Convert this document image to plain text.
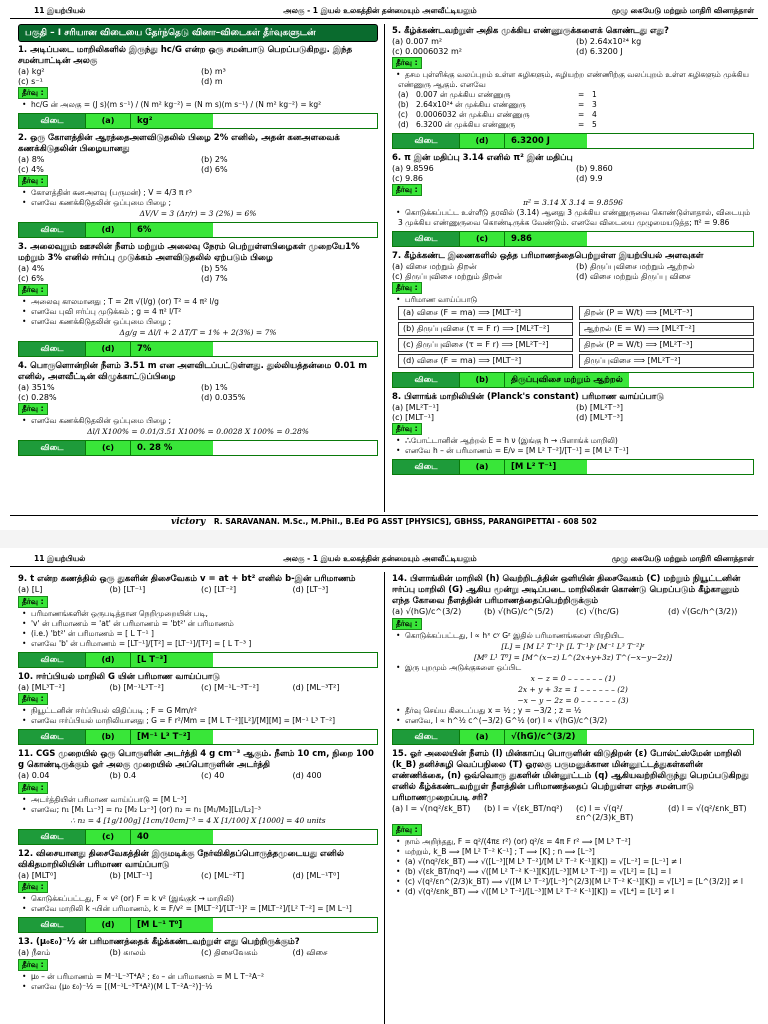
11 இயற்பியல்	அலகு - 1 இயல் உலகத்தின் தன்மையும் அளவீட்டியலும்	முழு கையேடு மற்றும் மாதிரி வினாத்தாள்
பகுதி – I சரியான விடையை தேர்ந்தெடு வினா–விடைகள் தீர்வுகளுடன்
1. அடிப்படை மாறிலிகளில் இருந்து hc/G என்ற ஒரு சமன்பாடு பெறப்படுகிறது. இந்த சமன்பாட்டின் அலகு
(a) kg²	(b) m³
(c) s⁻¹	(d) m
தீர்வு :
• hc/G ன் அலகு = (J s)(m s⁻¹) / (N m² kg⁻²) = (N m s)(m s⁻¹) / (N m² kg⁻²) = kg²
விடை	(a)	kg²
2. ஒரு கோளத்தின் ஆரத்தைஅளவிடுதலில் பிழை 2% எனில், அதன் கனஅளவைக் கணக்கிடுதலின் பிழையானது
(a) 8%	(b) 2%
(c) 4%	(d) 6%
தீர்வு :
• கோளத்தின் கனஅளவு (பருமன்) ; V = 4/3 π r³
• எனவே கணக்கிடுதலின் ஒப்புமை பிழை ;
ΔV/V = 3 (Δr/r) = 3 (2%) = 6%
விடை	(d)	6%
3. அலைவுறும் ஊசலின் நீளம் மற்றும் அலைவு நேரம் பெற்றுள்ளபிழைகள் முறையே1% மற்றும் 3% எனில் ஈர்ப்பு முடுக்கம் அளவிடுதலில் ஏற்படும் பிழை
(a) 4%	(b) 5%
(c) 6%	(d) 7%
தீர்வு :
• அலைவு காலமானது ; T = 2π √(l/g) (or) T² = 4 π² l/g
• எனவே புவி ஈர்ப்பு முடுக்கம் ; g = 4 π² l/T²
• எனவே கணக்கிடுதலின் ஒப்புமை பிழை ;
Δg/g = Δl/l + 2 ΔT/T = 1% + 2(3%) = 7%
விடை	(d)	7%
4. பொருளொன்றின் நீளம் 3.51 m என அளவிடப்பட்டுள்ளது. துல்லியத்தன்மை 0.01 m எனில், அளவீட்டின் விழுக்காட்டுப்பிழை
(a) 351%	(b) 1%
(c) 0.28%	(d) 0.035%
தீர்வு :
• எனவே கணக்கிடுதலின் ஒப்புமை பிழை ;
Δl/l X100% = 0.01/3.51 X100% = 0.0028 X 100% = 0.28%
விடை	(c)	0. 28 %
5. கீழ்க்கண்டவற்றுள் அதிக முக்கிய எண்ணுருக்களைக் கொண்டது எது?
(a) 0.007 m²	(b) 2.64x10²⁴ kg
(c) 0.0006032 m²	(d) 6.3200 J
தீர்வு :
• தசம புள்ளிக்கு வலப்புறம் உள்ள சுழிகளும், சுழியற்ற எண்ணிற்கு வலப்புறம் உள்ள சுழிகளும் முக்கிய எண்ணுரு ஆகும். எனவே
(a)	0.007 ன் முக்கிய எண்ணுரு	=	1
(b) 2.64x10²⁴ ன் முக்கிய எண்ணுரு	=	3
(c)	0.0006032 ன் முக்கிய எண்ணுரு	=	4
(d) 6.3200 ன் முக்கிய எண்ணுரு	=	5
விடை	(d)	6.3200 J
6. π இன் மதிப்பு 3.14 எனில் π² இன் மதிப்பு
(a) 9.8596	(b) 9.860
(c) 9.86	(d) 9.9
தீர்வு :
π² = 3.14 X 3.14 = 9.8596
• கொடுக்கப்பட்ட உள்ளீடு தரவில் (3.14) ஆனது 3 முக்கிய எண்ணுருவை கொண்டுள்ளதால், விடையும் 3 முக்கிய எண்ணுருவை கொண்டிருக்க வேண்டும். எனவே விடையை முழுமையடுத்த; π² = 9.86
விடை	(c)	9.86
7. கீழ்க்கண்ட இணைகளில் ஒத்த பரிமாணத்தைபெற்றுள்ள இயற்பியல் அளவுகள்
(a) விசை மற்றும் திறன்	(b) திருப்புவிசை மற்றும் ஆற்றல்
(c) திருப்புவிசை மற்றும் திறன்	(d) விசை மற்றும் திருப்பு விசை
தீர்வு :
• பரிமாண வாய்ப்பாடு
(a) விசை (F = ma) ⟹ [MLT⁻²]	திறன் (P = W/t) ⟹ [ML²T⁻³]
(b) திருப்புவிசை (τ = F r) ⟹ [ML²T⁻²]	ஆற்றல் (E = W) ⟹ [ML²T⁻²]
(c) திருப்புவிசை (τ = F r) ⟹ [ML²T⁻²]	திறன் (P = W/t) ⟹ [ML²T⁻³]
(d) விசை (F = ma) ⟹ [MLT⁻²]	திருப்புவிசை ⟹ [ML²T⁻²]
விடை	(b)	திருப்புவிசை மற்றும் ஆற்றல்
8. பிளாங்க் மாறிலியின் (Planck's constant) பரிமாண வாய்ப்பாடு
(a) [ML²T⁻¹]	(b) [ML²T⁻³]
(c) [MLT⁻¹]	(d) [ML³T⁻³]
தீர்வு :
• ஃபோட்டானின் ஆற்றல் E = h ν (இங்கு h → பிளாங்க் மாறிலி)
• எனவே h – ன் பரிமாணம் = E/ν = [M L² T⁻²]/[T⁻¹] = [M L² T⁻¹]
விடை	(a)	[M L² T⁻¹]
victory R. SARAVANAN. M.Sc., M.Phil., B.Ed PG ASST [PHYSICS], GBHSS, PARANGIPETTAI - 608 502
11 இயற்பியல்	அலகு - 1 இயல் உலகத்தின் தன்மையும் அளவீட்டியலும்	முழு கையேடு மற்றும் மாதிரி வினாத்தாள்
9. t என்ற கணத்தில் ஒரு துகளின் திசைவேகம் v = at + bt² எனில் b-இன் பரிமாணம்
(a) [L]	(b) [LT⁻¹]	(c) [LT⁻²]	(d) [LT⁻³]
தீர்வு :
• பரிமாணங்களின் ஒருபடித்தான நெறிமுறையின் படி,
• 'v' ன் பரிமாணம் = 'at' ன் பரிமாணம் = 'bt²' ன் பரிமாணம்
• (i.e.) 'bt²' ன் பரிமாணம் = [ L T⁻¹ ]
• எனவே 'b' ன் பரிமாணம் = [LT⁻¹]/[T²] = [LT⁻¹]/[T²] = [ L T⁻³ ]
விடை	(d)	[L T⁻³]
10. ஈர்ப்பியல் மாறிலி G யின் பரிமாண வாய்ப்பாடு
(a) [ML³T⁻²]	(b) [M⁻¹L³T⁻²]	(c) [M⁻¹L⁻³T⁻²]	(d) [ML⁻³T²]
தீர்வு :
• நியூட்டனின் ஈர்ப்பியல் விதிப்படி ; F = G Mm/r²
• எனவே ஈர்ப்பியல் மாறிலியானது ; G = F r²/Mm = [M L T⁻²][L²]/[M][M] = [M⁻¹ L³ T⁻²]
விடை	(b)	[M⁻¹ L³ T⁻²]
11. CGS முறையில் ஒரு பொருளின் அடர்த்தி 4 g cm⁻³ ஆகும். நீளம் 10 cm, நிறை 100 g கொண்டிருக்கும் ஓர் அலகு முறையில் அப்பொருளின் அடர்த்தி
(a) 0.04	(b) 0.4	(c) 40	(d) 400
தீர்வு :
• அடர்த்தியின் பரிமாண வாய்ப்பாடு = [M L⁻³]
• எனவே; n₁ [M₁ L₁⁻³] = n₂ [M₂ L₂⁻³] (or) n₂ = n₁ [M₁/M₂][L₁/L₂]⁻³
∴ n₂ = 4 [1g/100g] [1cm/10cm]⁻³ = 4 X [1/100] X [1000] = 40 units
விடை	(c)	40
12. விசையானது திசைவேகத்தின் இருமடிக்கு நேர்விகிதப்பொருத்தமுடையது எனில் விகிதமாறிலியின் பரிமாண வாய்ப்பாடு
(a) [MLT⁰]	(b) [MLT⁻¹]	(c) [ML⁻²T]	(d) [ML⁻¹T⁰]
தீர்வு :
• கொடுக்கப்பட்டது, F ∝ v² (or) F = k v² (இங்குk → மாறிலி)
• எனவே மாறிலி k -யின் பரிமாணம், k = F/v² = [MLT⁻²]/[LT⁻¹]² = [MLT⁻²]/[L² T⁻²] = [M L⁻¹]
விடை	(d)	[M L⁻¹ T⁰]
13. (μ₀ε₀)⁻½ ன் பரிமாணத்தைக் கீழ்க்கண்டவற்றுள் எது பெற்றிருக்கும்?
(a) நீளம்	(b) காலம்	(c) திசைவேகம்	(d) விசை
தீர்வு :
• μ₀ – ன் பரிமாணம் = M⁻¹L⁻³T⁴A² ; ε₀ – ன் பரிமாணம் = M L T⁻²A⁻²
• எனவே (μ₀ ε₀)⁻½ = [(M⁻¹L⁻³T⁴A²)(M L T⁻²A⁻²)]⁻½
14. பிளாங்கின் மாறிலி (h) வெற்றிடத்தின் ஒளியின் திசைவேகம் (C) மற்றும் நியூட்டனின் ஈர்ப்பு மாறிலி (G) ஆகிய மூன்று அடிப்படை மாறிலிகள் கொண்டு பெறப்படும் கீழ்காணும் எந்த கோவை நீளத்தின் பரிமாணத்தைப்பெற்றிருக்கும்
(a) √(hG)/c^(3/2)	(b) √(hG)/c^(5/2)	(c) √(hc/G)	(d) √(Gc/h^(3/2))
தீர்வு :
• கொடுக்கப்பட்டது, l ∝ hˣ cʸ Gᶻ இதில் பரிமாணங்களை பிரதியிட
[L] = [M L² T⁻¹]ˣ [L T⁻¹]ʸ [M⁻¹ L³ T⁻²]ᶻ
[M⁰ L¹ T⁰] = [M^(x−z) L^(2x+y+3z) T^(−x−y−2z)]
• இரு புறமும் அடுக்குகளை ஒப்பிட
x − z = 0 – – – – – – (1)
2x + y + 3z = 1 – – – – – – (2)
−x − y − 2z = 0 – – – – – – (3)
• தீர்வு செய்ய கிடைப்பது x = ½ ; y = −3/2 ; z = ½
• எனவே, l ∝ h^½ c^(−3/2) G^½ (or) l ∝ √(hG)/c^(3/2)
விடை	(a)	√(hG)/c^(3/2)
15. ஓர் அலையின் நீளம் (l) மின்காப்பு பொருளின் விடுதிறன் (ε) போல்ட்ஸ்மேன் மாறிலி (k_B) தனிச்சுழி வெப்பநிலை (T) ஓரலகு பருமனுக்கான மின்னூட்டத்துகள்களின் எண்ணிக்கை, (n) ஒவ்வொரு துகளின் மின்னூட்டம் (q) ஆகியவற்றிலிருந்து பெறப்படுகிறது எனில் கீழ்க்கண்டவற்றுள் நீளத்தின் பரிமாணத்தைப் பெற்றுள்ள எந்த சமன்பாடு பரிமாணமுறைப்படி சரி?
(a) l = √(nq²/εk_BT)	(b) l = √(εk_BT/nq²)	(c) l = √(q²/εn^(2/3)k_BT)
(d) l = √(q²/εnk_BT)
தீர்வு :
• நாம் அறிந்தது, F = q²/(4πε r²) (or) q²/ε = 4π F r² ⟹ [M L³ T⁻²]
• மற்றும், k_B ⟹ [M L² T⁻² K⁻¹] ; T ⟹ [K] ; n ⟹ [L⁻³]
• (a) √(nq²/εk_BT) ⟹ √([L⁻³][M L³ T⁻²]/[M L² T⁻² K⁻¹][K]) = √[L⁻²] = [L⁻¹] ≠ l
• (b) √(εk_BT/nq²) ⟹ √([M L² T⁻² K⁻¹][K]/[L⁻³][M L³ T⁻²]) = √[L²] = [L] = l
• (c) √(q²/εn^(2/3)k_BT) ⟹ √([M L³ T⁻²]/[L⁻³]^(2/3)[M L² T⁻² K⁻¹][K]) = √[L³] = [L^(3/2)] ≠ l
• (d) √(q²/εnk_BT) ⟹ √([M L³ T⁻²]/[L⁻³][M L² T⁻² K⁻¹][K]) = √[L⁴] = [L²] ≠ l
